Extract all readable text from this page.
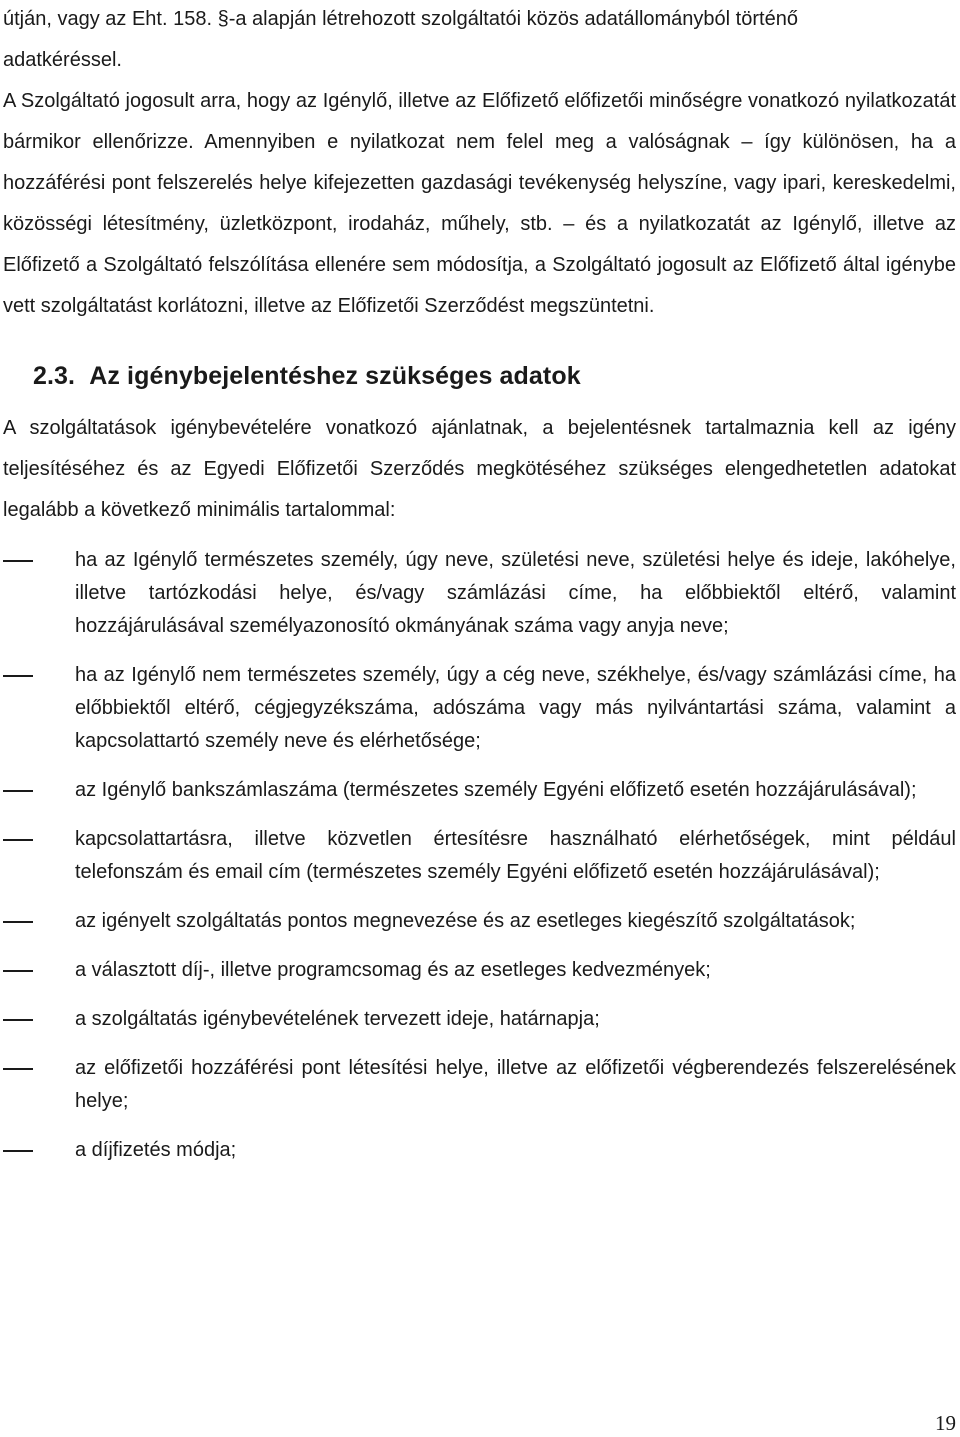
útján, vagy az Eht. 158. §-a alapján létrehozott szolgáltatói közös adatállományból történő
adatkéréssel.

A Szolgáltató jogosult arra, hogy az Igénylő, illetve az Előfizető előfizetői minőségre vonatkozó nyilatkozatát bármikor ellenőrizze. Amennyiben e nyilatkozat nem felel meg a valóságnak – így különösen, ha a hozzáférési pont felszerelés helye kifejezetten gazdasági tevékenység helyszíne, vagy ipari, kereskedelmi, közösségi létesítmény, üzletközpont, irodaház, műhely, stb. – és a nyilatkozatát az Igénylő, illetve az Előfizető a Szolgáltató felszólítása ellenére sem módosítja, a Szolgáltató jogosult az Előfizető által igénybe vett szolgáltatást korlátozni, illetve az Előfizetői Szerződést megszüntetni.

2.3. Az igénybejelentéshez szükséges adatok

A szolgáltatások igénybevételére vonatkozó ajánlatnak, a bejelentésnek tartalmaznia kell az igény teljesítéséhez és az Egyedi Előfizetői Szerződés megkötéséhez szükséges elengedhetetlen adatokat legalább a következő minimális tartalommal:

ha az Igénylő természetes személy, úgy neve, születési neve, születési helye és ideje, lakóhelye, illetve tartózkodási helye, és/vagy számlázási címe, ha előbbiektől eltérő, valamint hozzájárulásával személyazonosító okmányának száma vagy anyja neve;
ha az Igénylő nem természetes személy, úgy a cég neve, székhelye, és/vagy számlázási címe, ha előbbiektől eltérő, cégjegyzékszáma, adószáma vagy más nyilvántartási száma, valamint a kapcsolattartó személy neve és elérhetősége;
az Igénylő bankszámlaszáma (természetes személy Egyéni előfizető esetén hozzájárulásával);
kapcsolattartásra, illetve közvetlen értesítésre használható elérhetőségek, mint például telefonszám és email cím (természetes személy Egyéni előfizető esetén hozzájárulásával);
az igényelt szolgáltatás pontos megnevezése és az esetleges kiegészítő szolgáltatások;
a választott díj-, illetve programcsomag és az esetleges kedvezmények;
a szolgáltatás igénybevételének tervezett ideje, határnapja;
az előfizetői hozzáférési pont létesítési helye, illetve az előfizetői végberendezés felszerelésének helye;
a díjfizetés módja;
19
